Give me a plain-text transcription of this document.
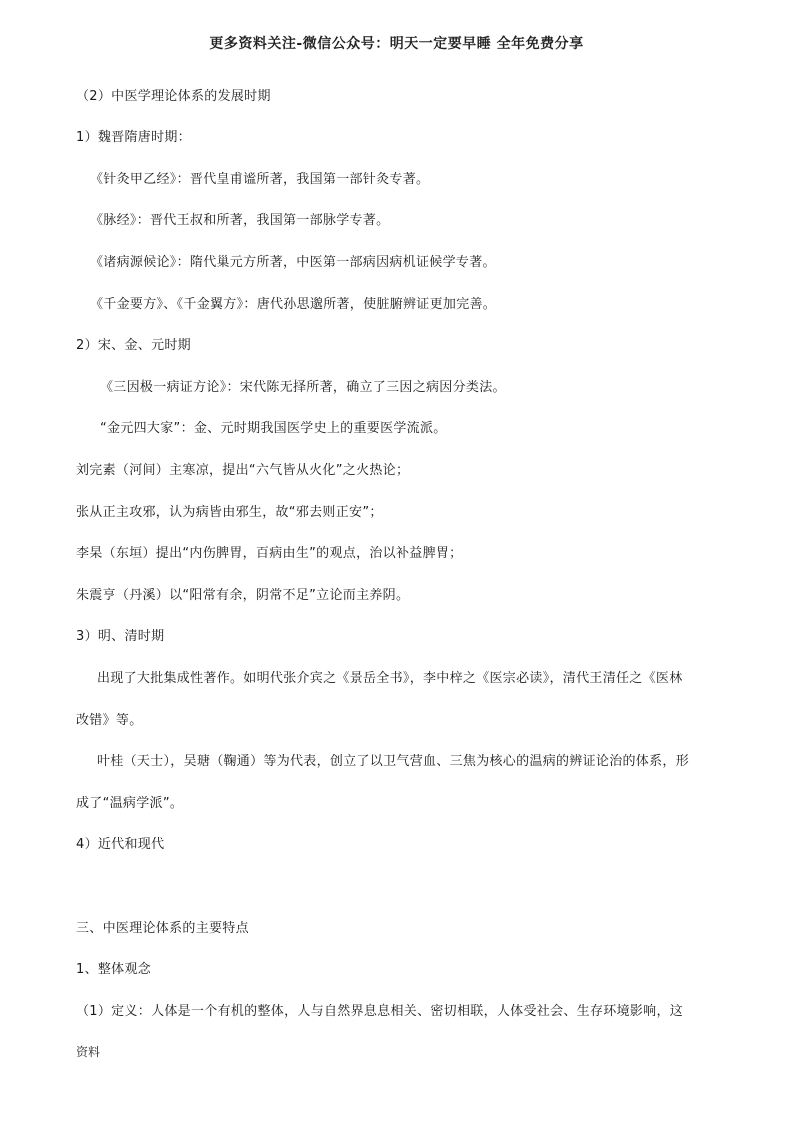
更多资料关注-微信公众号：明天一定要早睡 全年免费分享
（2）中医学理论体系的发展时期
1）魏晋隋唐时期：
《针灸甲乙经》：晋代皇甫谧所著，我国第一部针灸专著。
《脉经》：晋代王叔和所著，我国第一部脉学专著。
《诸病源候论》：隋代巢元方所著，中医第一部病因病机证候学专著。
《千金要方》、《千金翼方》：唐代孙思邈所著，使脏腑辨证更加完善。
2）宋、金、元时期
《三因极一病证方论》：宋代陈无择所著，确立了三因之病因分类法。
“金元四大家”：金、元时期我国医学史上的重要医学流派。
刘完素（河间）主寒凉，提出“六气皆从火化”之火热论；
张从正主攻邪，认为病皆由邪生，故“邪去则正安”；
李杲（东垣）提出“内伤脾胃，百病由生”的观点，治以补益脾胃；
朱震亨（丹溪）以“阳常有余，阴常不足”立论而主养阴。
3）明、清时期
出现了大批集成性著作。如明代张介宾之《景岳全书》，李中梓之《医宗必读》，清代王清任之《医林
改错》等。
叶桂（天士），吴瑭（鞠通）等为代表，创立了以卫气营血、三焦为核心的温病的辨证论治的体系，形
成了“温病学派”。
4）近代和现代
三、中医理论体系的主要特点
1、整体观念
（1）定义：人体是一个有机的整体，人与自然界息息相关、密切相联，人体受社会、生存环境影响，这
资料
